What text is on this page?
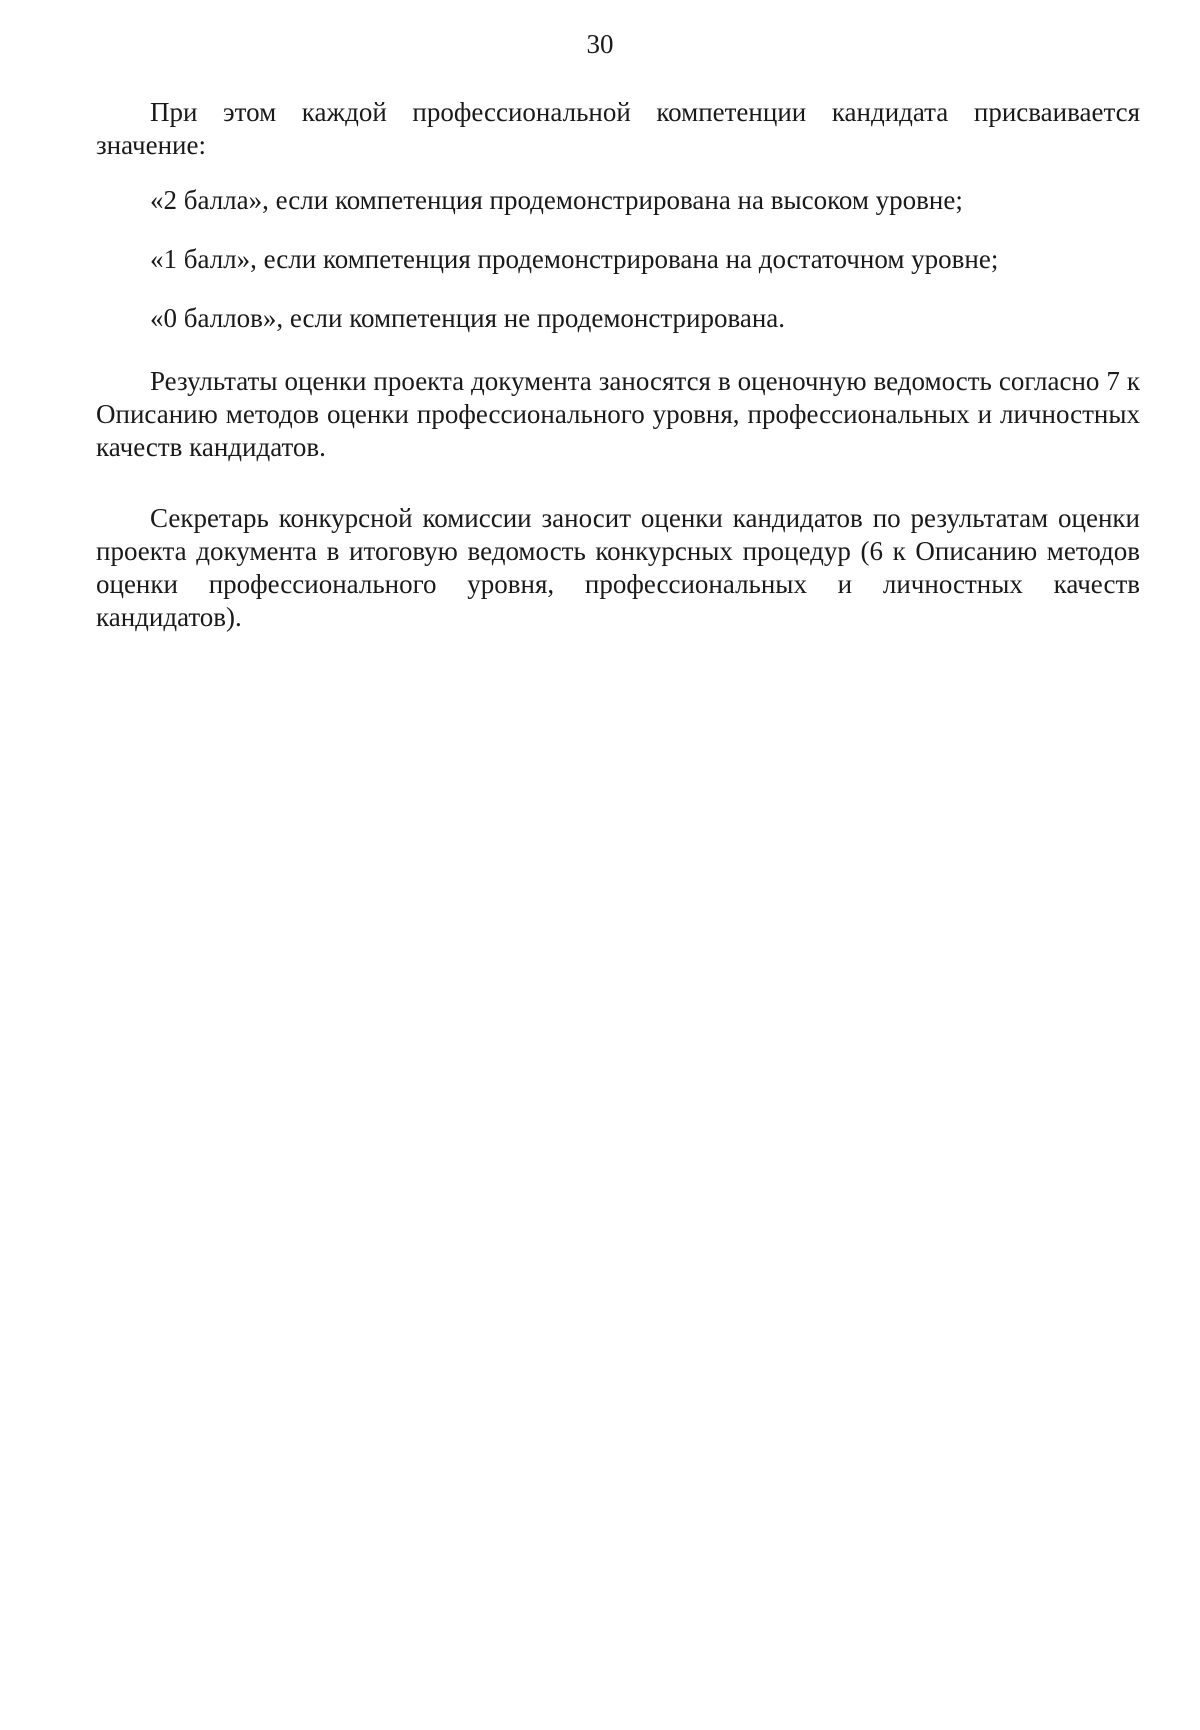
30

При этом каждой профессиональной компетенции кандидата присваивается значение:

«2 балла», если компетенция продемонстрирована на высоком уровне;

«1 балл», если компетенция продемонстрирована на достаточном уровне;

«0 баллов», если компетенция не продемонстрирована.

Результаты оценки проекта документа заносятся в оценочную ведомость согласно 7 к Описанию методов оценки профессионального уровня, профессиональных и личностных качеств кандидатов.

Секретарь конкурсной комиссии заносит оценки кандидатов по результатам оценки проекта документа в итоговую ведомость конкурсных процедур (6 к Описанию методов оценки профессионального уровня, профессиональных и личностных качеств кандидатов).
